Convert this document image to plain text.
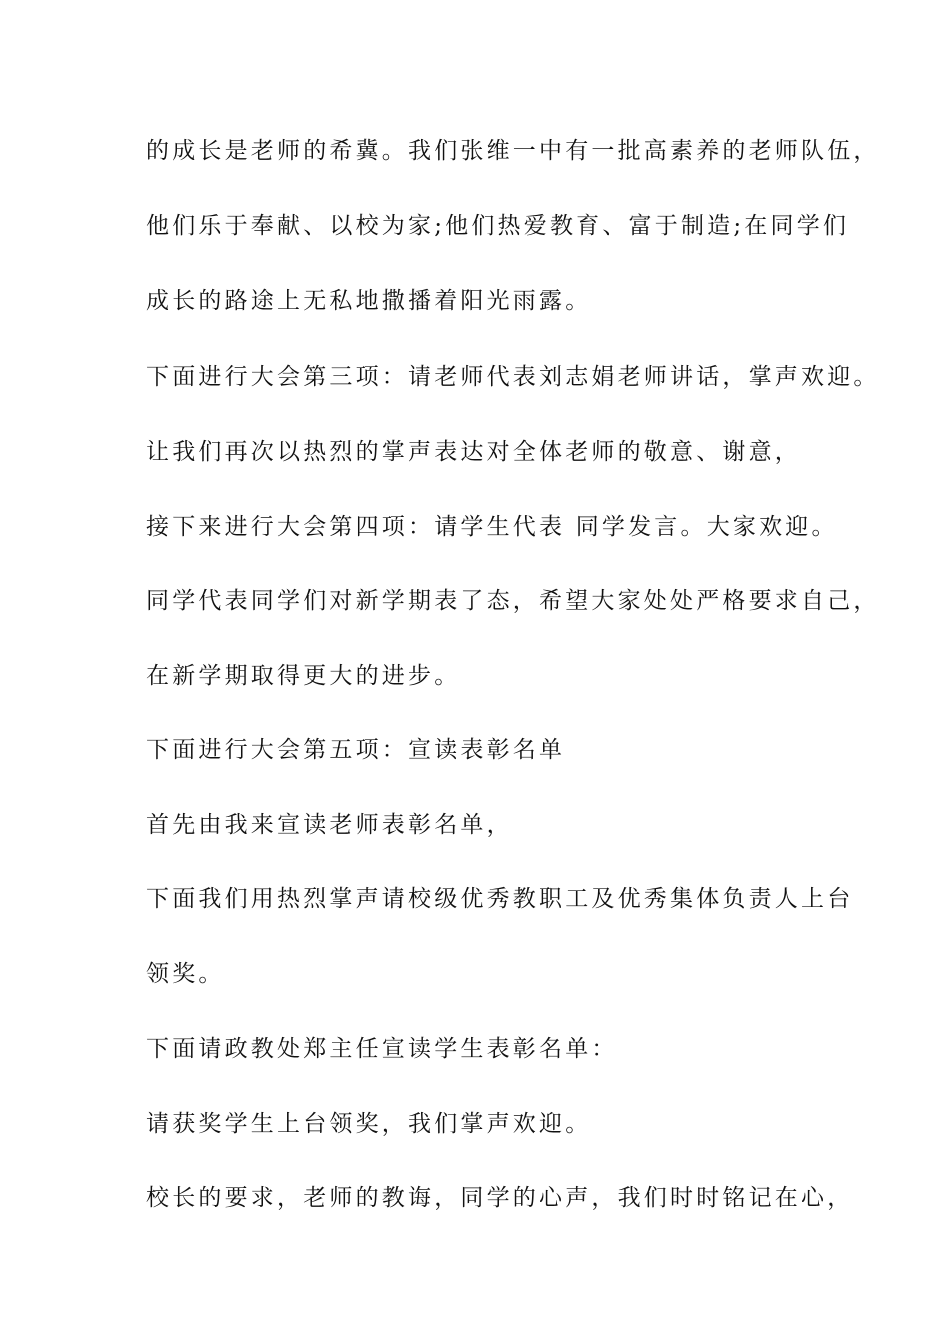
的成长是老师的希冀。我们张维一中有一批高素养的老师队伍，
他们乐于奉献、以校为家;他们热爱教育、富于制造;在同学们
成长的路途上无私地撒播着阳光雨露。
下面进行大会第三项：请老师代表刘志娟老师讲话，掌声欢迎。
让我们再次以热烈的掌声表达对全体老师的敬意、谢意，
接下来进行大会第四项：请学生代表 同学发言。大家欢迎。
同学代表同学们对新学期表了态，希望大家处处严格要求自己，
在新学期取得更大的进步。
下面进行大会第五项：宣读表彰名单
首先由我来宣读老师表彰名单，
下面我们用热烈掌声请校级优秀教职工及优秀集体负责人上台
领奖。
下面请政教处郑主任宣读学生表彰名单：
请获奖学生上台领奖，我们掌声欢迎。
校长的要求，老师的教诲，同学的心声，我们时时铭记在心，
